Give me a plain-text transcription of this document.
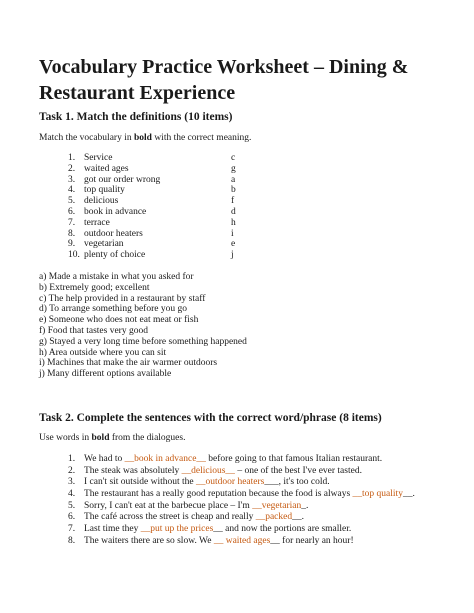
Vocabulary Practice Worksheet – Dining & Restaurant Experience
Task 1. Match the definitions (10 items)

Match the vocabulary in bold with the correct meaning.

1. Service	c
2. waited ages	g
3. got our order wrong	a
4. top quality	b
5. delicious	f
6. book in advance	d
7. terrace	h
8. outdoor heaters	i
9. vegetarian	e
10. plenty of choice	j
a) Made a mistake in what you asked for
b) Extremely good; excellent
c) The help provided in a restaurant by staff
d) To arrange something before you go
e) Someone who does not eat meat or fish
f) Food that tastes very good
g) Stayed a very long time before something happened
h) Area outside where you can sit
i) Machines that make the air warmer outdoors
j) Many different options available
Task 2. Complete the sentences with the correct word/phrase (8 items)

Use words in bold from the dialogues.

1. We had to __book in advance__ before going to that famous Italian restaurant.
2. The steak was absolutely __delicious__ – one of the best I've ever tasted.
3. I can't sit outside without the __outdoor heaters___, it's too cold.
4. The restaurant has a really good reputation because the food is always __top quality__.
5. Sorry, I can't eat at the barbecue place – I'm __vegetarian_.
6. The café across the street is cheap and really __packed__.
7. Last time they __put up the prices__ and now the portions are smaller.
8. The waiters there are so slow. We __ waited ages__ for nearly an hour!
